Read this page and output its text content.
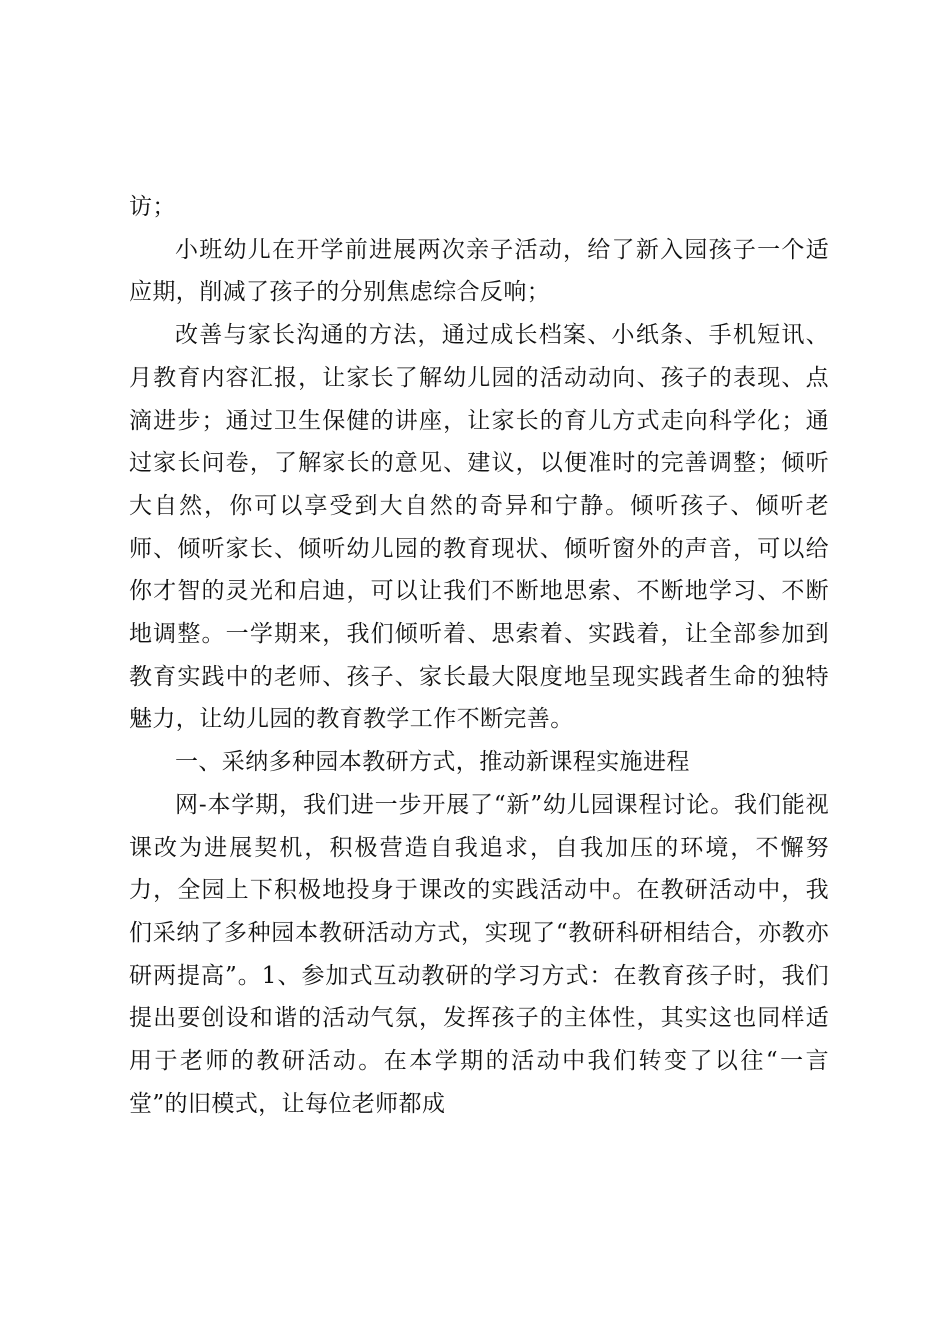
访；

小班幼儿在开学前进展两次亲子活动，给了新入园孩子一个适应期，削减了孩子的分别焦虑综合反响；

改善与家长沟通的方法，通过成长档案、小纸条、手机短讯、月教育内容汇报，让家长了解幼儿园的活动动向、孩子的表现、点滴进步；通过卫生保健的讲座，让家长的育儿方式走向科学化；通过家长问卷，了解家长的意见、建议，以便准时的完善调整；倾听大自然，你可以享受到大自然的奇异和宁静。倾听孩子、倾听老师、倾听家长、倾听幼儿园的教育现状、倾听窗外的声音，可以给你才智的灵光和启迪，可以让我们不断地思索、不断地学习、不断地调整。一学期来，我们倾听着、思索着、实践着，让全部参加到教育实践中的老师、孩子、家长最大限度地呈现实践者生命的独特魅力，让幼儿园的教育教学工作不断完善。

一、采纳多种园本教研方式，推动新课程实施进程

网-本学期，我们进一步开展了“新”幼儿园课程讨论。我们能视课改为进展契机，积极营造自我追求，自我加压的环境，不懈努力，全园上下积极地投身于课改的实践活动中。在教研活动中，我们采纳了多种园本教研活动方式，实现了“教研科研相结合，亦教亦研两提高”。1、参加式互动教研的学习方式：在教育孩子时，我们提出要创设和谐的活动气氛，发挥孩子的主体性，其实这也同样适用于老师的教研活动。在本学期的活动中我们转变了以往“一言堂”的旧模式，让每位老师都成
